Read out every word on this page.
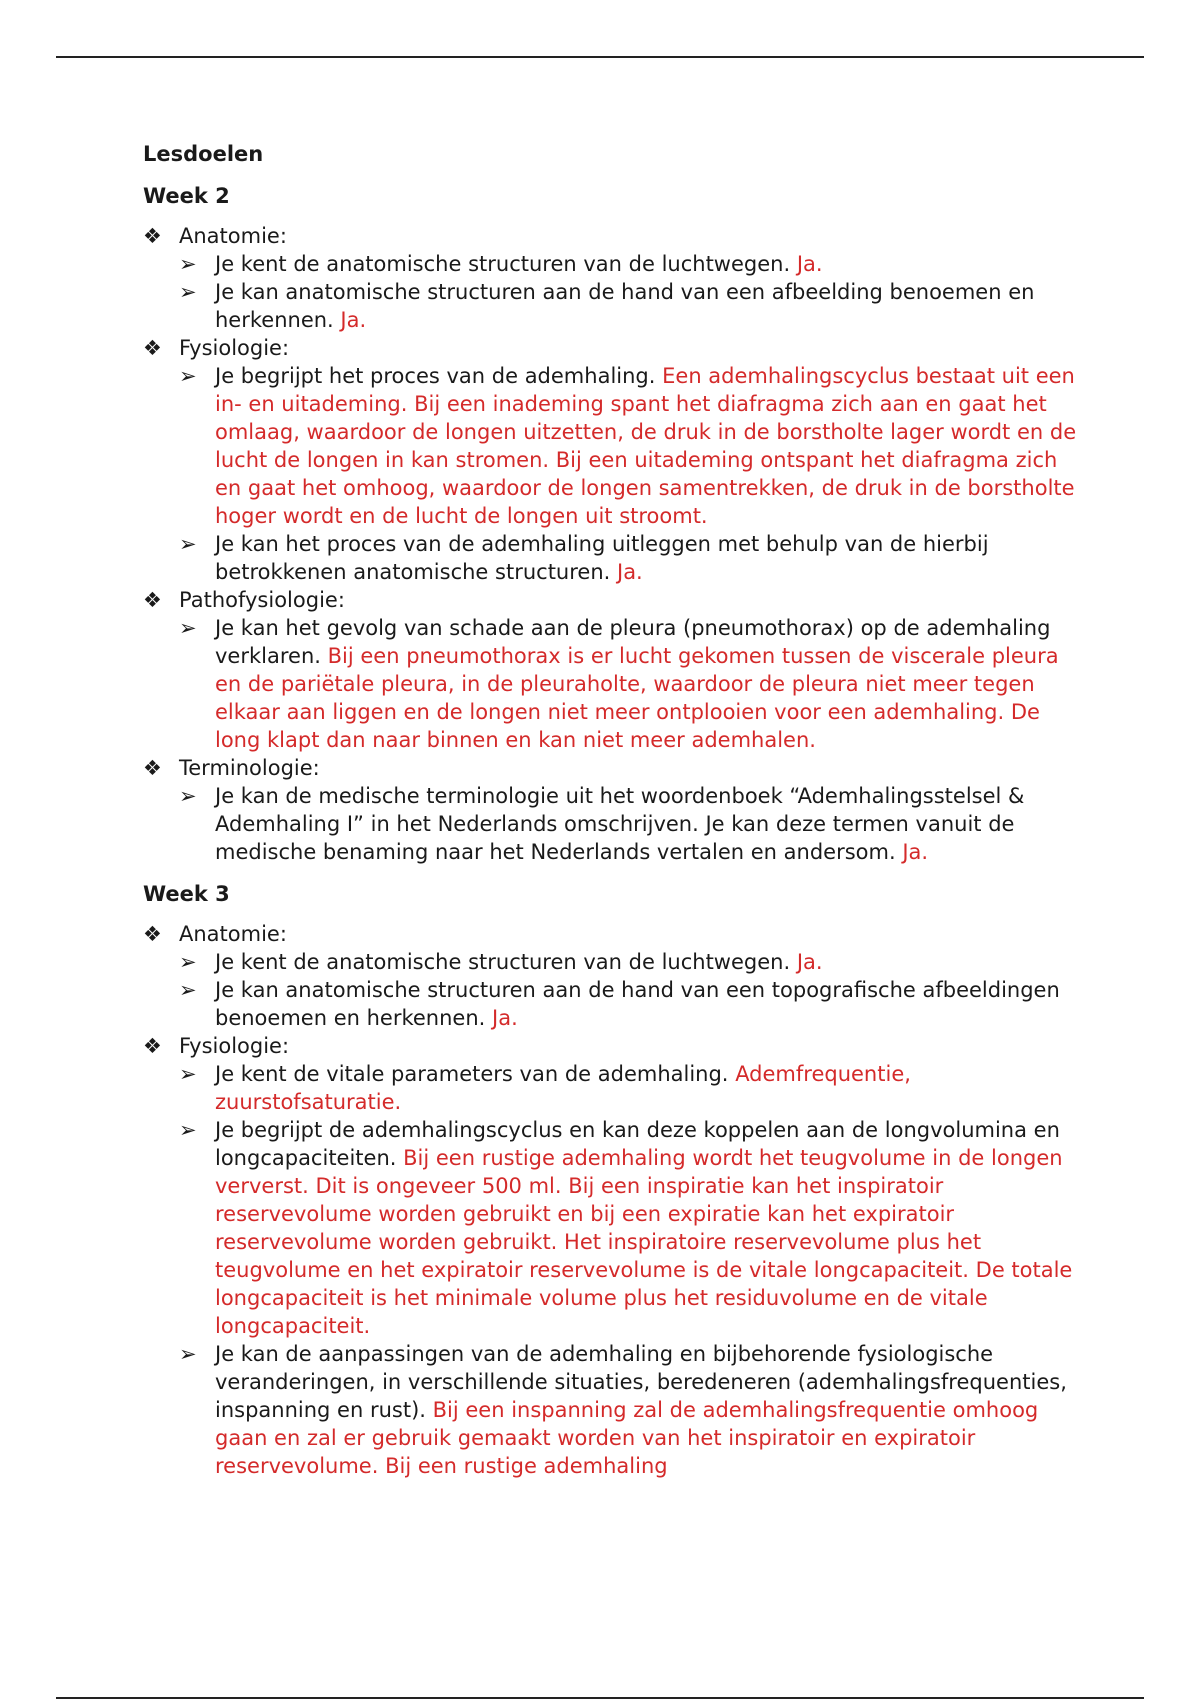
Lesdoelen
Week 2
❖ Anatomie:
➢ Je kent de anatomische structuren van de luchtwegen. Ja.
➢ Je kan anatomische structuren aan de hand van een afbeelding benoemen en herkennen. Ja.
❖ Fysiologie:
➢ Je begrijpt het proces van de ademhaling. Een ademhalingscyclus bestaat uit een in- en uitademing. Bij een inademing spant het diafragma zich aan en gaat het omlaag, waardoor de longen uitzetten, de druk in de borstholte lager wordt en de lucht de longen in kan stromen. Bij een uitademing ontspant het diafragma zich en gaat het omhoog, waardoor de longen samentrekken, de druk in de borstholte hoger wordt en de lucht de longen uit stroomt.
➢ Je kan het proces van de ademhaling uitleggen met behulp van de hierbij betrokkenen anatomische structuren. Ja.
❖ Pathofysiologie:
➢ Je kan het gevolg van schade aan de pleura (pneumothorax) op de ademhaling verklaren. Bij een pneumothorax is er lucht gekomen tussen de viscerale pleura en de pariëtale pleura, in de pleuraholte, waardoor de pleura niet meer tegen elkaar aan liggen en de longen niet meer ontplooien voor een ademhaling. De long klapt dan naar binnen en kan niet meer ademhalen.
❖ Terminologie:
➢ Je kan de medische terminologie uit het woordenboek “Ademhalingsstelsel & Ademhaling I” in het Nederlands omschrijven. Je kan deze termen vanuit de medische benaming naar het Nederlands vertalen en andersom. Ja.
Week 3
❖ Anatomie:
➢ Je kent de anatomische structuren van de luchtwegen. Ja.
➢ Je kan anatomische structuren aan de hand van een topografische afbeeldingen benoemen en herkennen. Ja.
❖ Fysiologie:
➢ Je kent de vitale parameters van de ademhaling. Ademfrequentie, zuurstofsaturatie.
➢ Je begrijpt de ademhalingscyclus en kan deze koppelen aan de longvolumina en longcapaciteiten. Bij een rustige ademhaling wordt het teugvolume in de longen ververst. Dit is ongeveer 500 ml. Bij een inspiratie kan het inspiratoir reservevolume worden gebruikt en bij een expiratie kan het expiratoir reservevolume worden gebruikt. Het inspiratoire reservevolume plus het teugvolume en het expiratoir reservevolume is de vitale longcapaciteit. De totale longcapaciteit is het minimale volume plus het residuvolume en de vitale longcapaciteit.
➢ Je kan de aanpassingen van de ademhaling en bijbehorende fysiologische veranderingen, in verschillende situaties, beredeneren (ademhalingsfrequenties, inspanning en rust). Bij een inspanning zal de ademhalingsfrequentie omhoog gaan en zal er gebruik gemaakt worden van het inspiratoir en expiratoir reservevolume. Bij een rustige ademhaling
